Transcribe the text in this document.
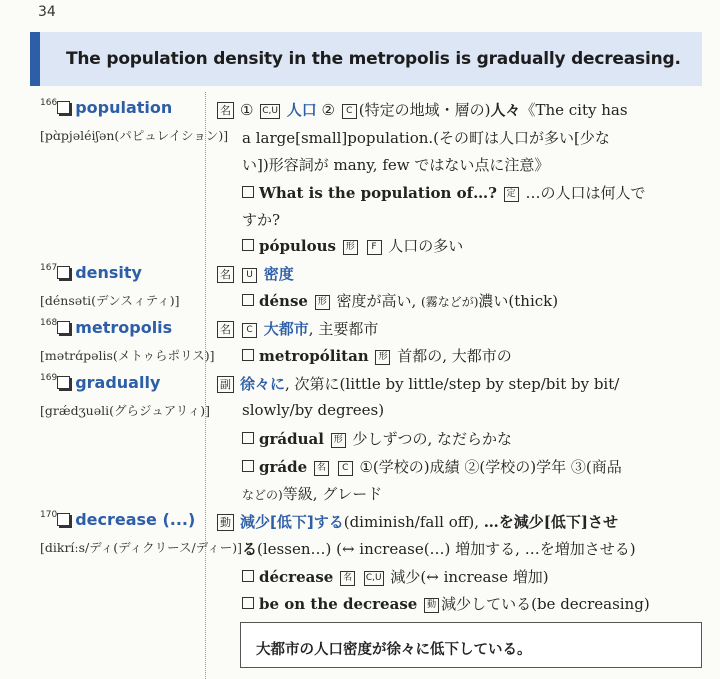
34
The population density in the metropolis is gradually decreasing.
$^{166}$ population
[pɑ̀pjəléiʃən(パピュレイション)]
名 ① C,U 人口 ② C (特定の地域・層の)人々《The city has
a large[small]population.(その町は人口が多い[少な
い])形容詞が many, few ではない点に注意》
What is the population of…? 定 …の人口は何人で
すか?
pópulous 形 F 人口の多い
$^{167}$ density
[dénsəti(デンスィティ)]
名 U 密度
dénse 形 密度が高い, (霧などが)濃い(thick)
$^{168}$ metropolis
[mətrɑ́pəlis(メトゥらポリス)]
名 C 大都市, 主要都市
metropólitan 形 首都の, 大都市の
$^{169}$ gradually
[grǽdʒuəli(グらジュアリィ)]
副 徐々に, 次第に(little by little/step by step/bit by bit/
slowly/by degrees)
grádual 形 少しずつの, なだらかな
gráde 名 C ①(学校の)成績 ②(学校の)学年 ③(商品
などの)等級, グレード
$^{170}$ decrease (...)
[dikríːs/ディ(ディクリース/ディー)]
動 減少[低下]する(diminish/fall off), …を減少[低下]させ
る(lessen…) (↔ increase(…) 増加する, …を増加させる)
décrease 名 C,U 減少(↔ increase 増加)
be on the decrease 動 減少している(be decreasing)
大都市の人口密度が徐々に低下している。
